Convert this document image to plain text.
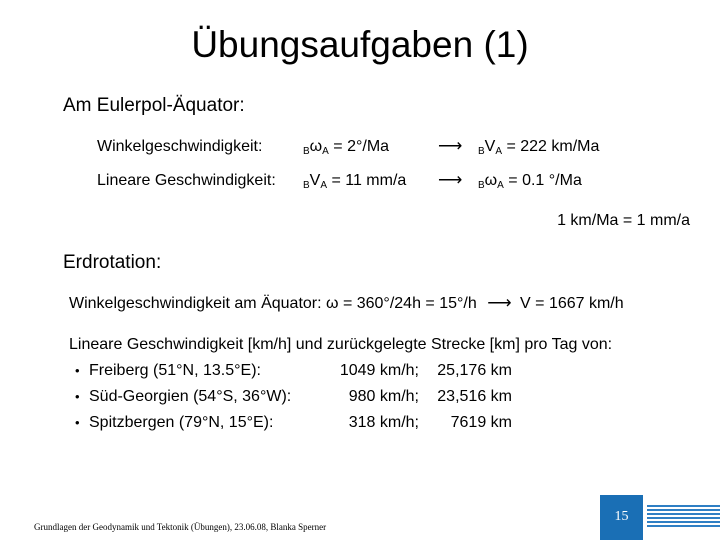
Übungsaufgaben (1)
Am Eulerpol-Äquator:
Winkelgeschwindigkeit:	BωA = 2°/Ma	⟶ BVA = 222 km/Ma
Lineare Geschwindigkeit:	BVA = 11 mm/a ⟶ BωA = 0.1 °/Ma
1 km/Ma = 1 mm/a
Erdrotation:
Winkelgeschwindigkeit am Äquator: ω = 360°/24h = 15°/h ⟶ V = 1667 km/h
Lineare Geschwindigkeit [km/h] und zurückgelegte Strecke [km] pro Tag von:
• Freiberg (51°N, 13.5°E):	1049 km/h;	25,176 km
• Süd-Georgien (54°S, 36°W):	980 km/h;	23,516 km
• Spitzbergen (79°N, 15°E):	318 km/h;	7619 km
Grundlagen der Geodynamik und Tektonik (Übungen), 23.06.08, Blanka Sperner
15
